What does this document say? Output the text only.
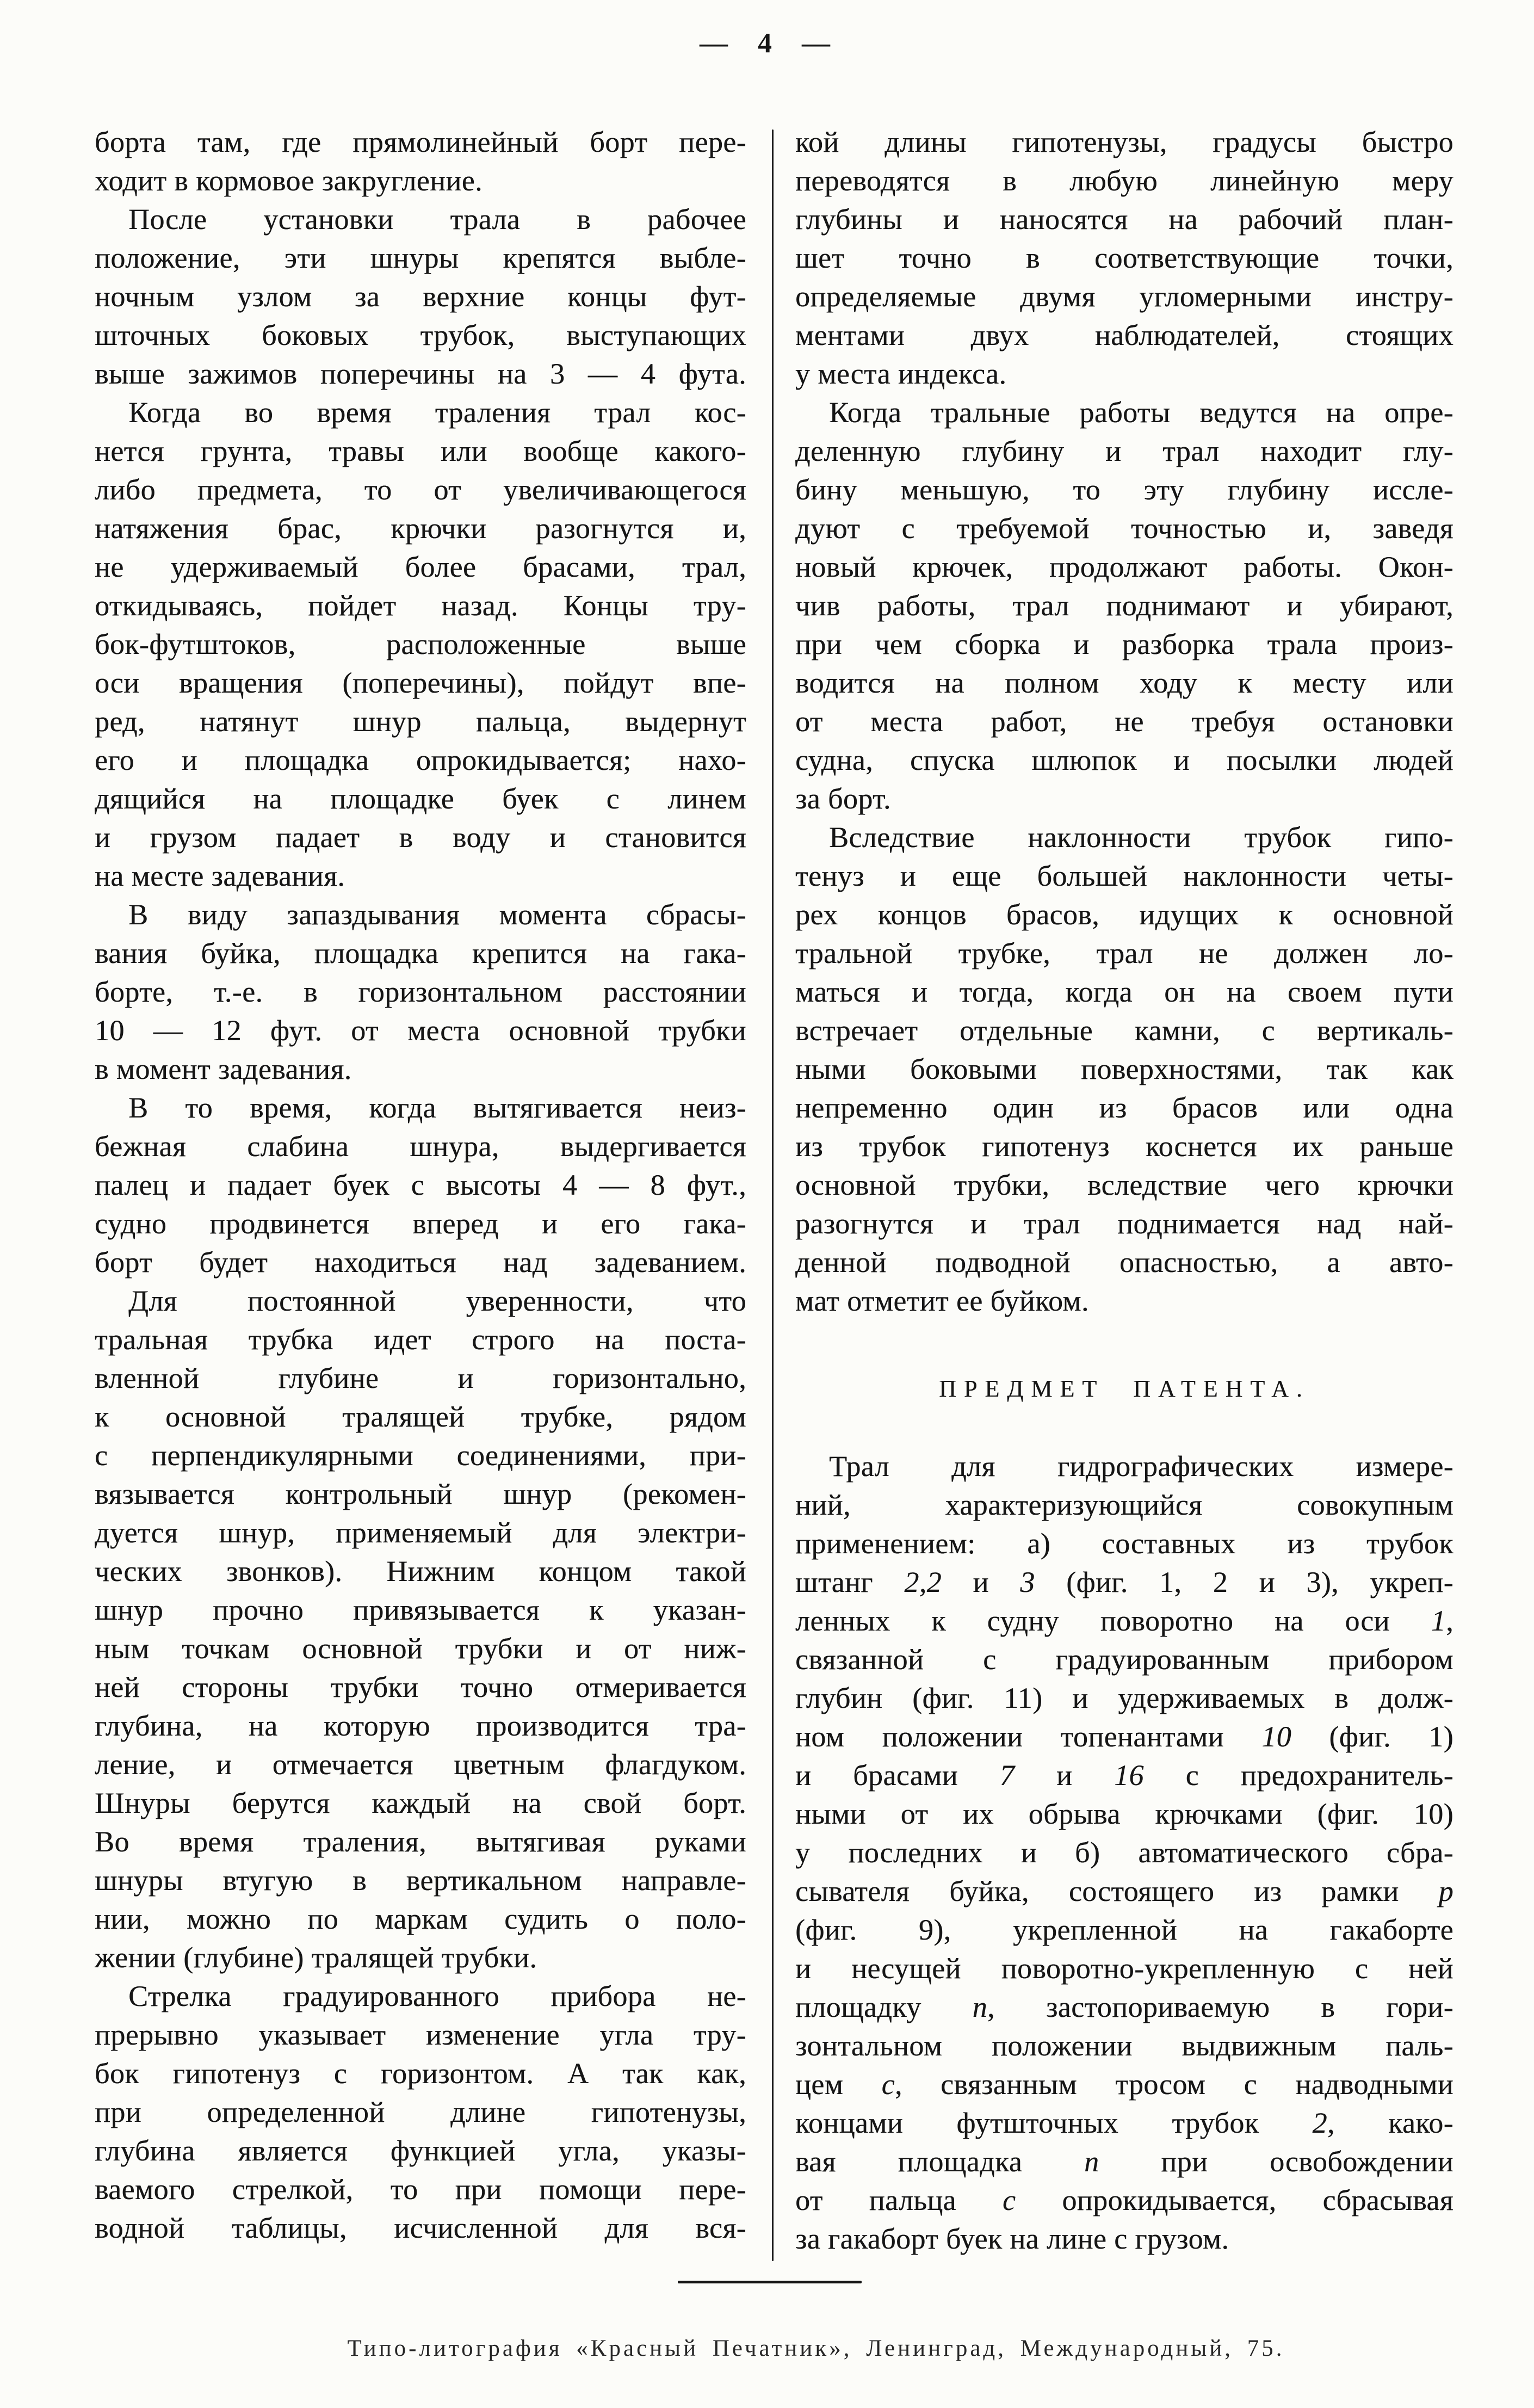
— 4 —
борта там, где прямолинейный борт пере-
ходит в кормовое закругление.
После установки трала в рабочее
положение, эти шнуры крепятся выбле-
ночным узлом за верхние концы фут-
шточных боковых трубок, выступающих
выше зажимов поперечины на 3 — 4 фута.
Когда во время траления трал кос-
нется грунта, травы или вообще какого-
либо предмета, то от увеличивающегося
натяжения брас, крючки разогнутся и,
не удерживаемый более брасами, трал,
откидываясь, пойдет назад. Концы тру-
бок-футштоков, расположенные выше
оси вращения (поперечины), пойдут впе-
ред, натянут шнур пальца, выдернут
его и площадка опрокидывается; нахо-
дящийся на площадке буек с линем
и грузом падает в воду и становится
на месте задевания.
В виду запаздывания момента сбрасы-
вания буйка, площадка крепится на гака-
борте, т.-е. в горизонтальном расстоянии
10 — 12 фут. от места основной трубки
в момент задевания.
В то время, когда вытягивается неиз-
бежная слабина шнура, выдергивается
палец и падает буек с высоты 4 — 8 фут.,
судно продвинется вперед и его гака-
борт будет находиться над задеванием.
Для постоянной уверенности, что
тральная трубка идет строго на поста-
вленной глубине и горизонтально,
к основной тралящей трубке, рядом
с перпендикулярными соединениями, при-
вязывается контрольный шнур (рекомен-
дуется шнур, применяемый для электри-
ческих звонков). Нижним концом такой
шнур прочно привязывается к указан-
ным точкам основной трубки и от ниж-
ней стороны трубки точно отмеривается
глубина, на которую производится тра-
ление, и отмечается цветным флагдуком.
Шнуры берутся каждый на свой борт.
Во время траления, вытягивая руками
шнуры втугую в вертикальном направле-
нии, можно по маркам судить о поло-
жении (глубине) тралящей трубки.
Стрелка градуированного прибора не-
прерывно указывает изменение угла тру-
бок гипотенуз с горизонтом. А так как,
при определенной длине гипотенузы,
глубина является функцией угла, указы-
ваемого стрелкой, то при помощи пере-
водной таблицы, исчисленной для вся-
кой длины гипотенузы, градусы быстро
переводятся в любую линейную меру
глубины и наносятся на рабочий план-
шет точно в соответствующие точки,
определяемые двумя угломерными инстру-
ментами двух наблюдателей, стоящих
у места индекса.
Когда тральные работы ведутся на опре-
деленную глубину и трал находит глу-
бину меньшую, то эту глубину иссле-
дуют с требуемой точностью и, заведя
новый крючек, продолжают работы. Окон-
чив работы, трал поднимают и убирают,
при чем сборка и разборка трала произ-
водится на полном ходу к месту или
от места работ, не требуя остановки
судна, спуска шлюпок и посылки людей
за борт.
Вследствие наклонности трубок гипо-
тенуз и еще большей наклонности четы-
рех концов брасов, идущих к основной
тральной трубке, трал не должен ло-
маться и тогда, когда он на своем пути
встречает отдельные камни, с вертикаль-
ными боковыми поверхностями, так как
непременно один из брасов или одна
из трубок гипотенуз коснется их раньше
основной трубки, вследствие чего крючки
разогнутся и трал поднимается над най-
денной подводной опасностью, а авто-
мат отметит ее буйком.
ПРЕДМЕТ ПАТЕНТА.
Трал для гидрографических измере-
ний, характеризующийся совокупным
применением: а) составных из трубок
штанг 2,2 и 3 (фиг. 1, 2 и 3), укреп-
ленных к судну поворотно на оси 1,
связанной с градуированным прибором
глубин (фиг. 11) и удерживаемых в долж-
ном положении топенантами 10 (фиг. 1)
и брасами 7 и 16 с предохранитель-
ными от их обрыва крючками (фиг. 10)
у последних и б) автоматического сбра-
сывателя буйка, состоящего из рамки p
(фиг. 9), укрепленной на гакаборте
и несущей поворотно-укрепленную с ней
площадку n, застопориваемую в гори-
зонтальном положении выдвижным паль-
цем c, связанным тросом с надводными
концами футшточных трубок 2, како-
вая площадка n при освобождении
от пальца c опрокидывается, сбрасывая
за гакаборт буек на лине с грузом.
Типо-литография «Красный Печатник», Ленинград, Международный, 75.
